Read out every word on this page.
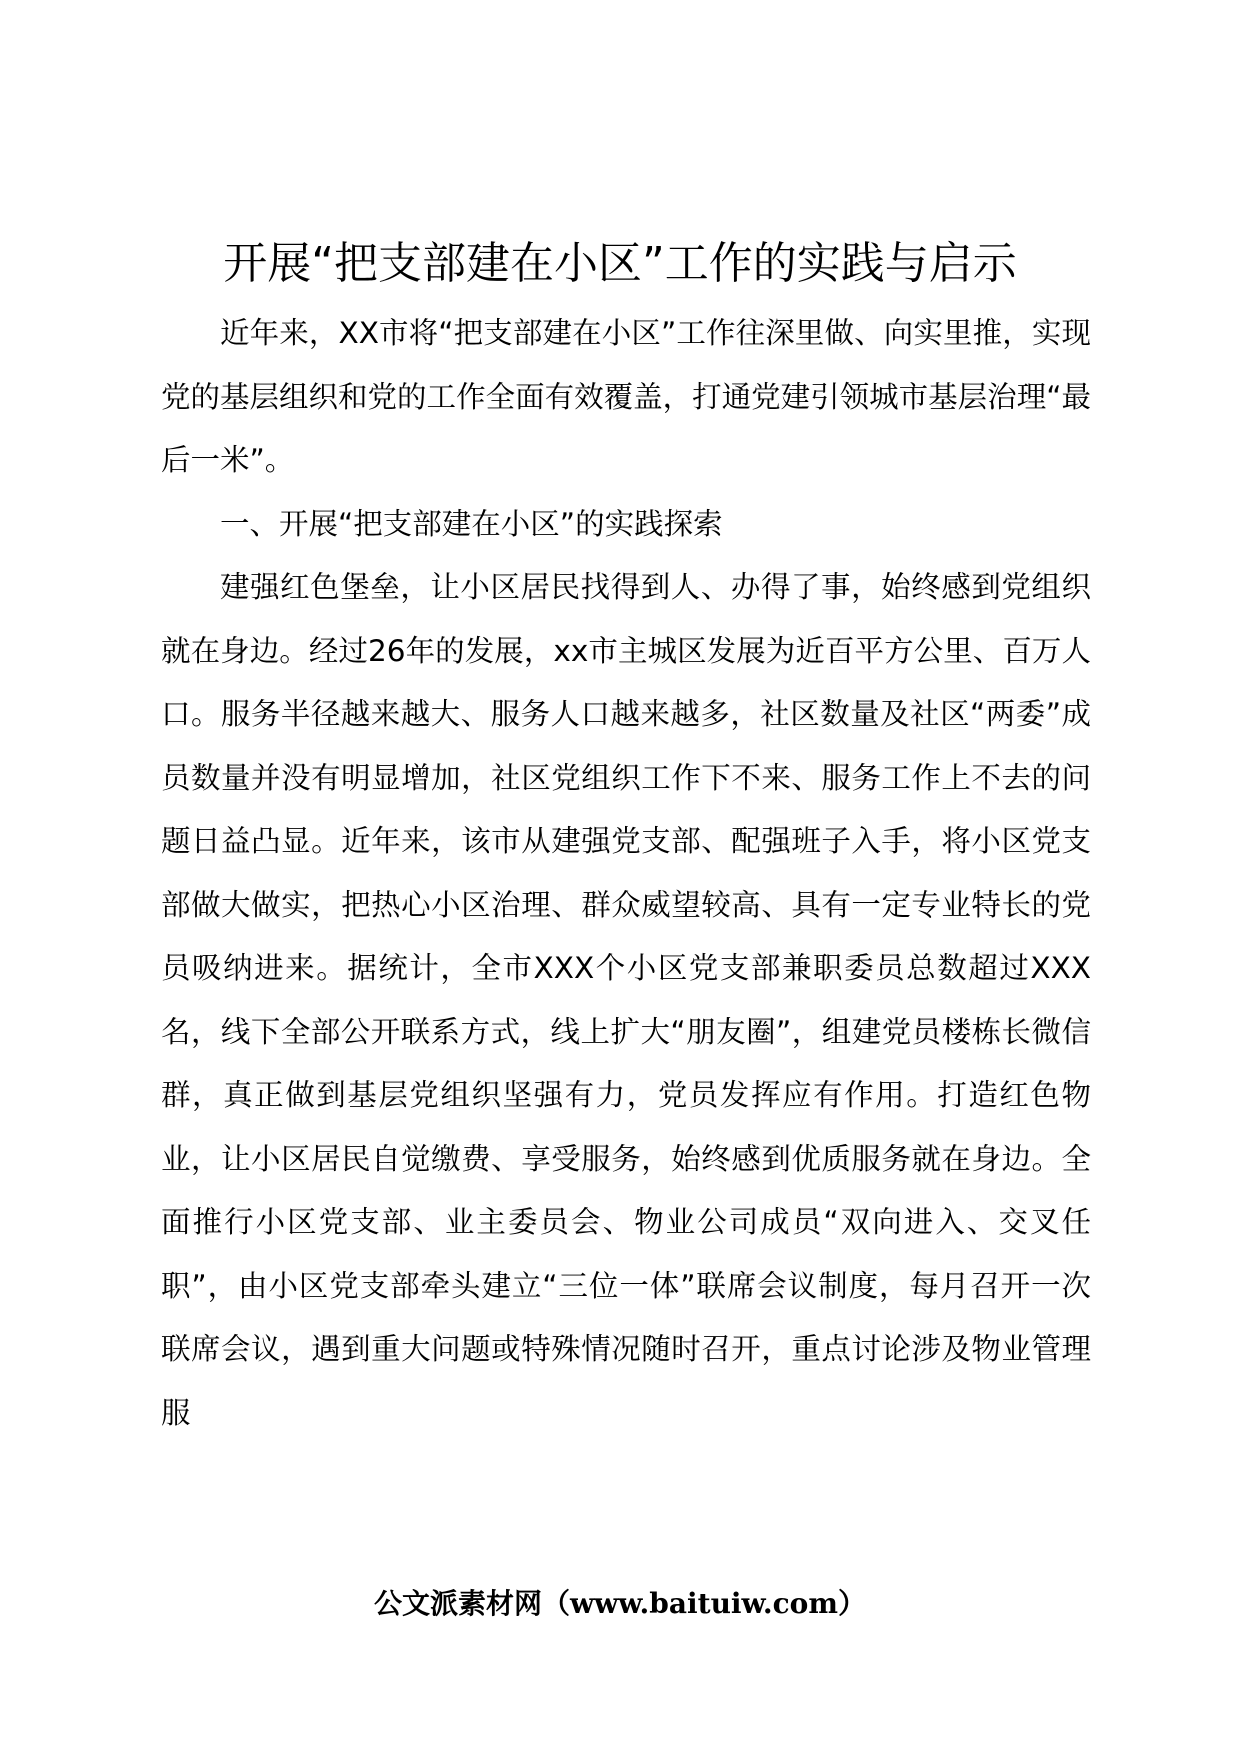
开展“把支部建在小区”工作的实践与启示

近年来，XX市将“把支部建在小区”工作往深里做、向实里推，实现党的基层组织和党的工作全面有效覆盖，打通党建引领城市基层治理“最后一米”。

一、开展“把支部建在小区”的实践探索

建强红色堡垒，让小区居民找得到人、办得了事，始终感到党组织就在身边。经过26年的发展，xx市主城区发展为近百平方公里、百万人口。服务半径越来越大、服务人口越来越多，社区数量及社区“两委”成员数量并没有明显增加，社区党组织工作下不来、服务工作上不去的问题日益凸显。近年来，该市从建强党支部、配强班子入手，将小区党支部做大做实，把热心小区治理、群众威望较高、具有一定专业特长的党员吸纳进来。据统计，全市XXX个小区党支部兼职委员总数超过XXX名，线下全部公开联系方式，线上扩大“朋友圈”，组建党员楼栋长微信群，真正做到基层党组织坚强有力，党员发挥应有作用。打造红色物业，让小区居民自觉缴费、享受服务，始终感到优质服务就在身边。全面推行小区党支部、业主委员会、物业公司成员“双向进入、交叉任职”，由小区党支部牵头建立“三位一体”联席会议制度，每月召开一次联席会议，遇到重大问题或特殊情况随时召开，重点讨论涉及物业管理服

公文派素材网（www.baituiw.com）
